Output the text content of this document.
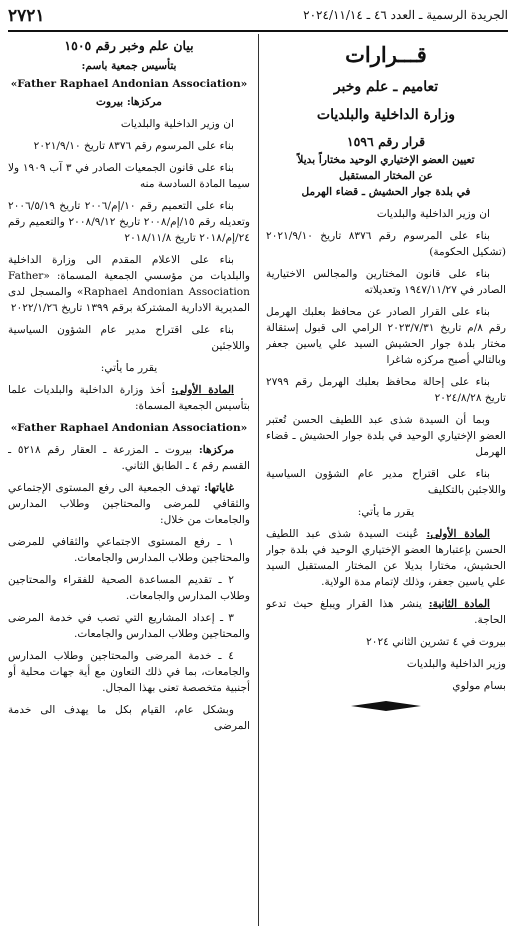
الجريدة الرسمية ـ العدد ٤٦ ـ ٢٠٢٤/١١/١٤
٢٧٢١

قـــرارات

تعاميم ـ علم وخبر

وزارة الداخلية والبلديات

قرار رقم ١٥٩٦

تعيين العضو الإختياري الوحيد مختاراً بديلاً

عن المختار المستقبل

في بلدة جوار الحشيش ـ قضاء الهرمل

ان وزير الداخلية والبلديات

بناء على المرسوم رقم ٨٣٧٦ تاريخ ٢٠٢١/٩/١٠ (تشكيل الحكومة)

بناء على قانون المختارين والمجالس الاختيارية الصادر في ١٩٤٧/١١/٢٧ وتعديلاته

بناء على القرار الصادر عن محافظ بعلبك الهرمل رقم ٨/م تاريخ ٢٠٢٣/٧/٣١ الرامي الى قبول إستقالة مختار بلدة جوار الحشيش السيد علي ياسين جعفر وبالتالي أصبح مركزه شاغرا

بناء على إحالة محافظ بعلبك الهرمل رقم ٢٧٩٩ تاريخ ٢٠٢٤/٨/٢٨

وبما أن السيدة شذى عبد اللطيف الحسن تُعتبر العضو الإختياري الوحيد في بلدة جوار الحشيش ـ قضاء الهرمل

بناء على اقتراح مدير عام الشؤون السياسية واللاجئين بالتكليف

يقرر ما يأتي:

المادة الأولى: عُينت السيدة شذى عبد اللطيف الحسن بإعتبارها العضو الإختياري الوحيد في بلدة جوار الحشيش، مختارا بديلا عن المختار المستقبل السيد علي ياسين جعفر، وذلك لإتمام مدة الولاية.

المادة الثانية: ينشر هذا القرار ويبلغ حيث تدعو الحاجة.

بيروت في ٤ تشرين الثاني ٢٠٢٤

وزير الداخلية والبلديات

بسام مولوي

بيان علم وخبر رقم ١٥٠٥

بتأسيس جمعية باسم:

«Father Raphael Andonian Association»

مركزها: بيروت

ان وزير الداخلية والبلديات

بناء على المرسوم رقم ٨٣٧٦ تاريخ ٢٠٢١/٩/١٠

بناء على قانون الجمعيات الصادر في ٣ آب ١٩٠٩ ولا سيما المادة السادسة منه

بناء على التعميم رقم ١٠/إم/٢٠٠٦ تاريخ ٢٠٠٦/٥/١٩ وتعديله رقم ١٥/إم/٢٠٠٨ تاريخ ٢٠٠٨/٩/١٢ والتعميم رقم ٢٤/إم/٢٠١٨ تاريخ ٢٠١٨/١١/٨

بناء على الاعلام المقدم الى وزارة الداخلية والبلديات من مؤسسي الجمعية المسماة: «Father Raphael Andonian Association» والمسجل لدى المديرية الادارية المشتركة برقم ١٣٩٩ تاريخ ٢٠٢٢/١/٢٦

بناء على اقتراح مدير عام الشؤون السياسية واللاجئين

يقرر ما يأتي:

المادة الأولى: أخذ وزارة الداخلية والبلديات علما بتأسيس الجمعية المسماة:

«Father Raphael Andonian Association»

مركزها: بيروت ـ المزرعة ـ العقار رقم ٥٢١٨ ـ القسم رقم ٤ ـ الطابق الثاني.

غاياتها: تهدف الجمعية الى رفع المستوى الإجتماعي والثقافي للمرضى والمحتاجين وطلاب المدارس والجامعات من خلال:

١ ـ رفع المستوى الاجتماعي والثقافي للمرضى والمحتاجين وطلاب المدارس والجامعات.

٢ ـ تقديم المساعدة الصحية للفقراء والمحتاجين وطلاب المدارس والجامعات.

٣ ـ إعداد المشاريع التي تصب في خدمة المرضى والمحتاجين وطلاب المدارس والجامعات.

٤ ـ خدمة المرضى والمحتاجين وطلاب المدارس والجامعات، بما في ذلك التعاون مع أية جهات محلية أو أجنبية متخصصة تعنى بهذا المجال.

وبشكل عام، القيام بكل ما يهدف الى خدمة المرضى
